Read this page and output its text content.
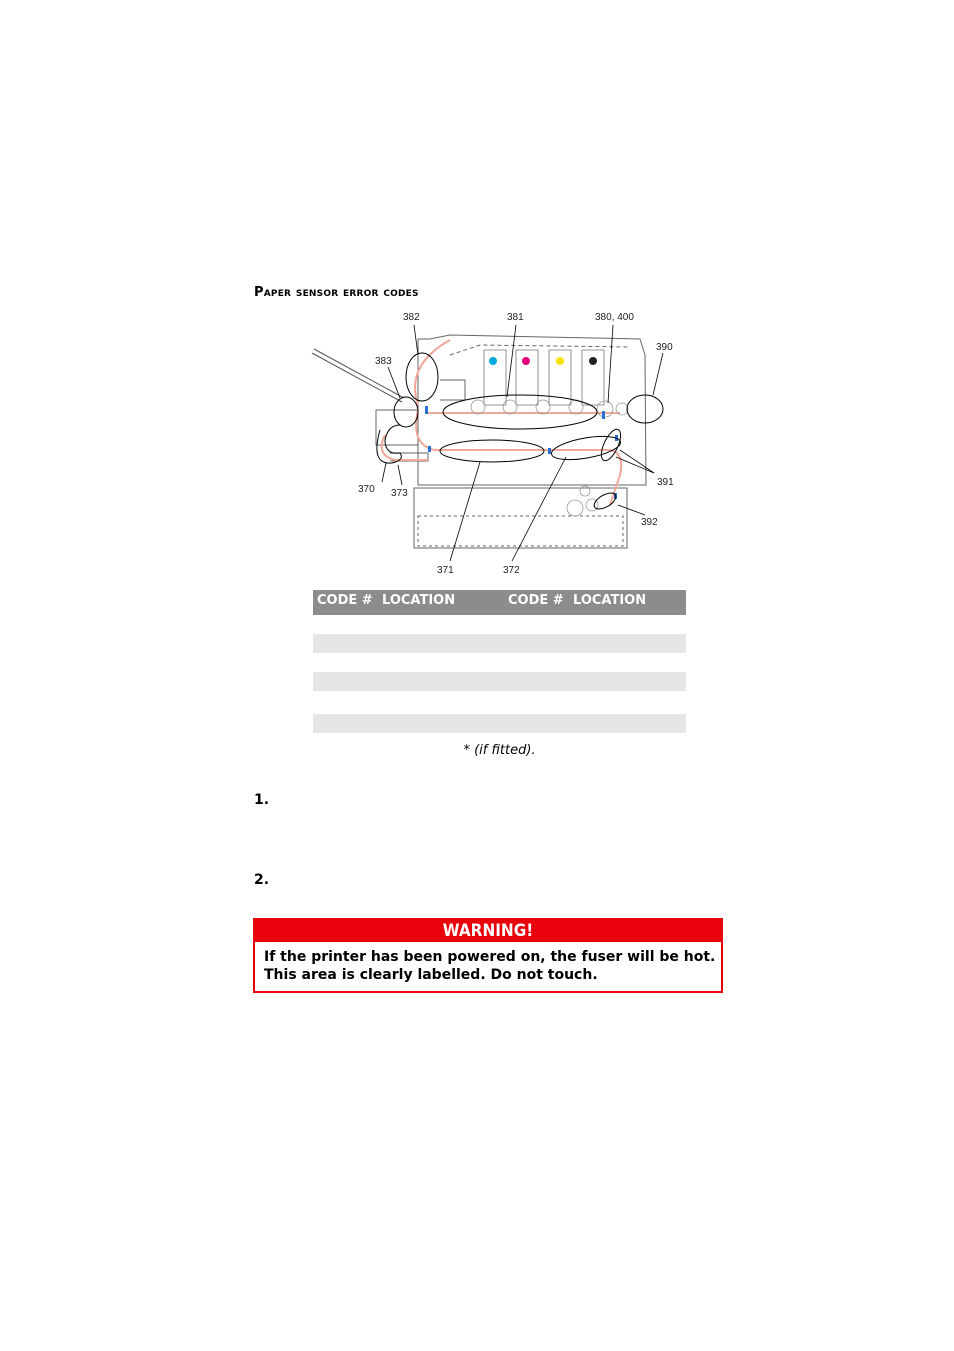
Paper sensor error codes
382	381	380, 400
390
383
370 373
391
392
371	372
CODE # LOCATION	CODE # LOCATION
* (if fitted).
1.
2.
WARNING!
If the printer has been powered on, the fuser will be hot.
This area is clearly labelled. Do not touch.
